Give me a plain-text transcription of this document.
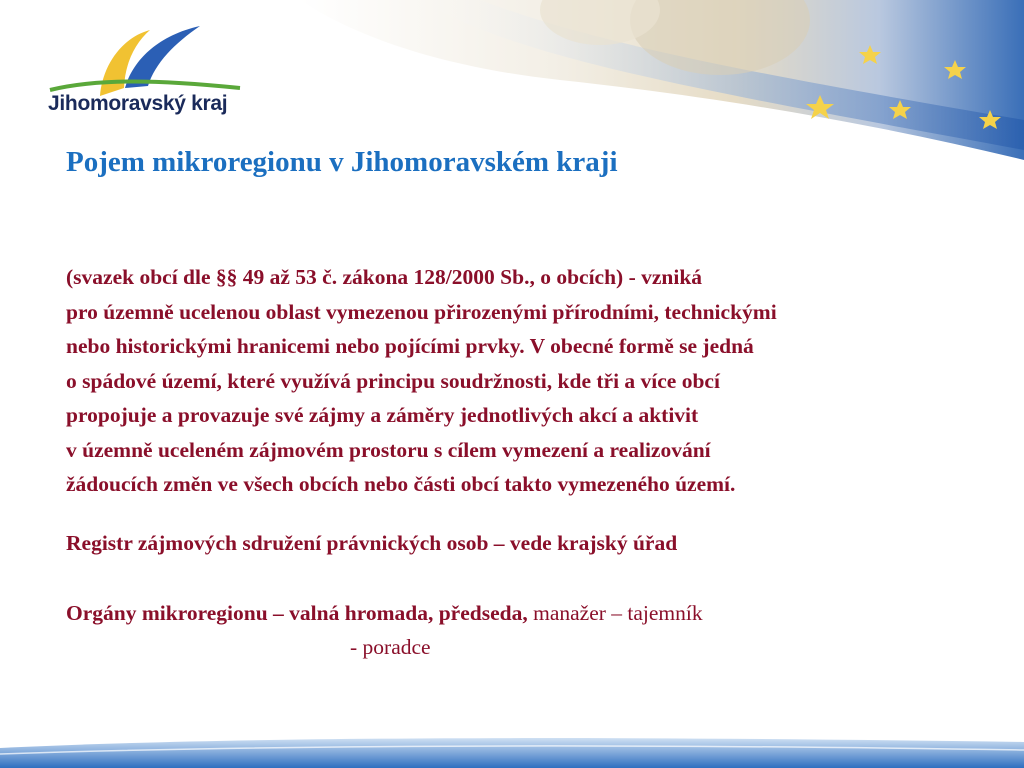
Jihomoravský kraj
Pojem mikroregionu v Jihomoravském kraji
(svazek obcí dle §§ 49 až 53 č. zákona 128/2000 Sb., o obcích) - vzniká
pro územně ucelenou oblast vymezenou přirozenými přírodními, technickými
nebo historickými hranicemi nebo pojícími prvky. V obecné formě se jedná
o spádové území, které využívá principu soudržnosti, kde tři a více obcí
propojuje a provazuje své zájmy a záměry jednotlivých akcí a aktivit
v územně uceleném zájmovém prostoru s cílem vymezení a realizování
žádoucích změn ve všech obcích nebo části obcí takto vymezeného území.
Registr zájmových sdružení právnických osob – vede krajský úřad
Orgány mikroregionu – valná hromada, předseda, manažer – tajemník
- poradce
